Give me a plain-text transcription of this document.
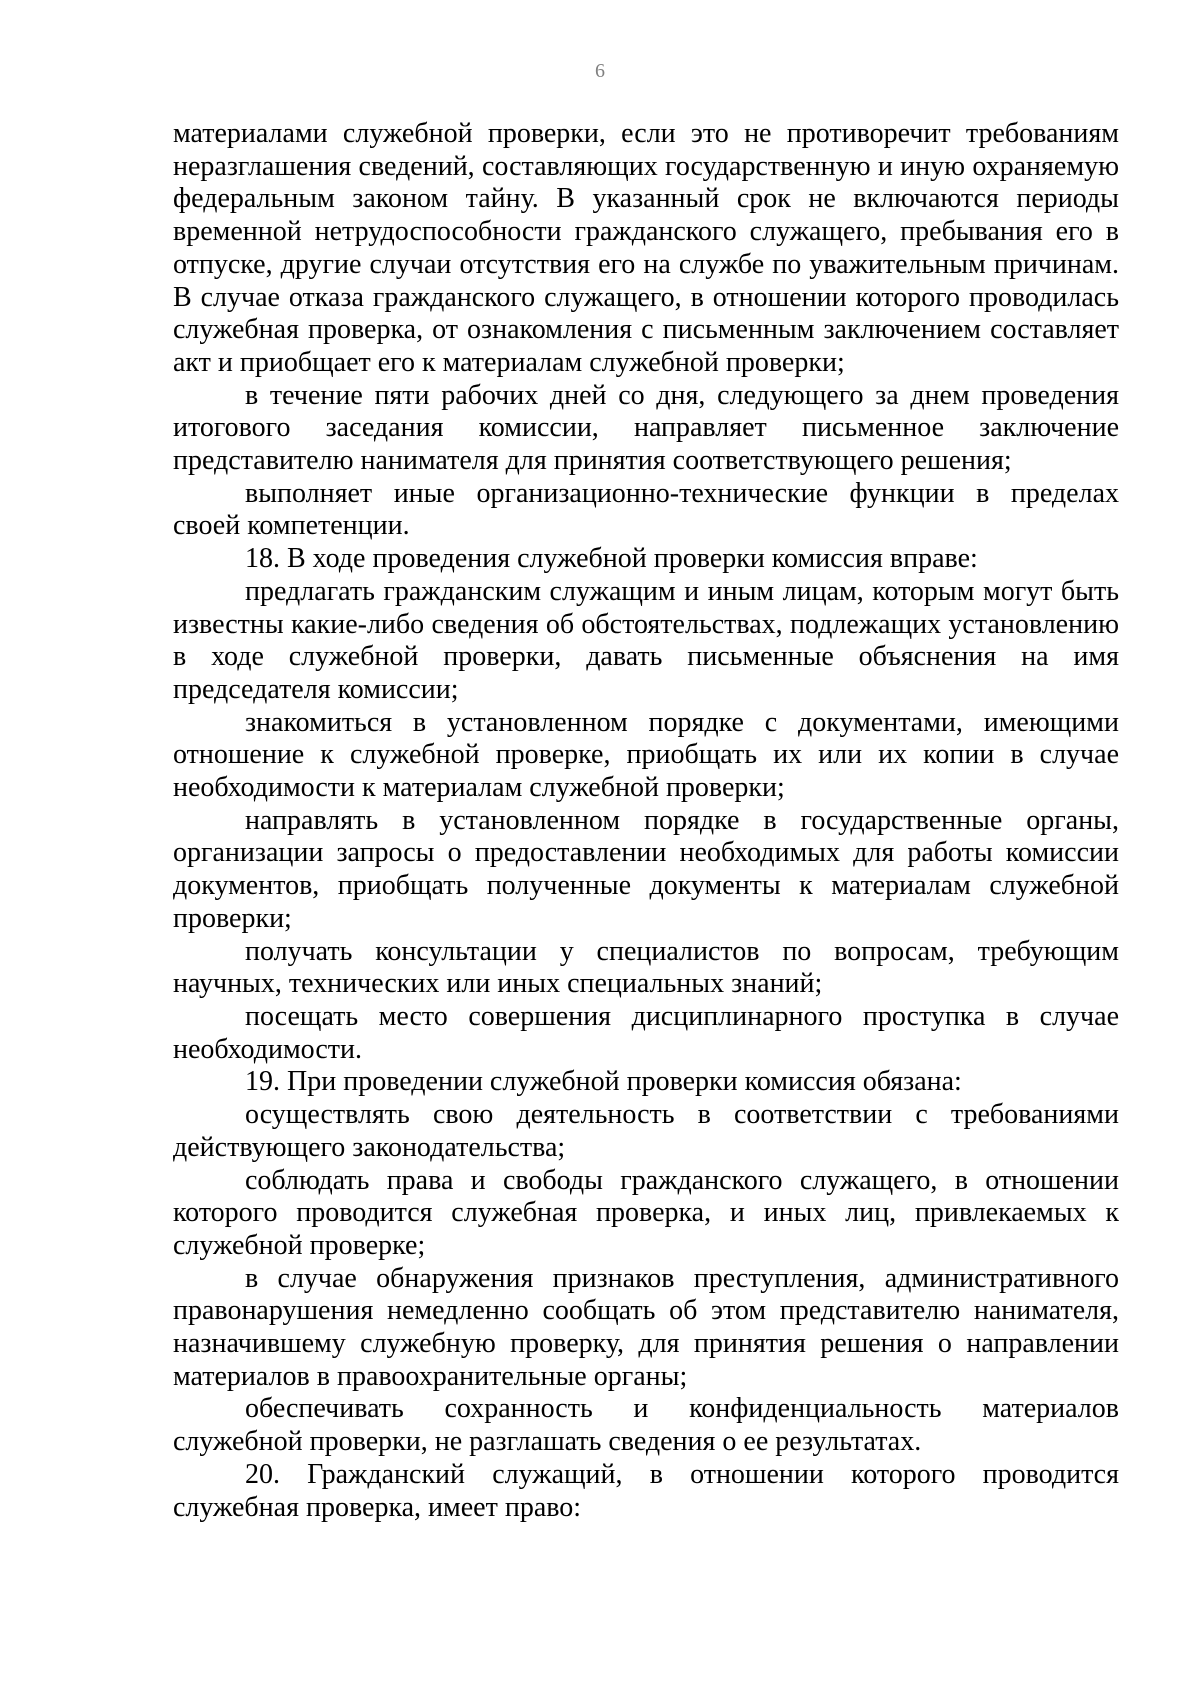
6

материалами служебной проверки, если это не противоречит требованиям неразглашения сведений, составляющих государственную и иную охраняемую федеральным законом тайну. В указанный срок не включаются периоды временной нетрудоспособности гражданского служащего, пребывания его в отпуске, другие случаи отсутствия его на службе по уважительным причинам. В случае отказа гражданского служащего, в отношении которого проводилась служебная проверка, от ознакомления с письменным заключением составляет акт и приобщает его к материалам служебной проверки;

в течение пяти рабочих дней со дня, следующего за днем проведения итогового заседания комиссии, направляет письменное заключение представителю нанимателя для принятия соответствующего решения;

выполняет иные организационно-технические функции в пределах своей компетенции.

18. В ходе проведения служебной проверки комиссия вправе:

предлагать гражданским служащим и иным лицам, которым могут быть известны какие-либо сведения об обстоятельствах, подлежащих установлению в ходе служебной проверки, давать письменные объяснения на имя председателя комиссии;

знакомиться в установленном порядке с документами, имеющими отношение к служебной проверке, приобщать их или их копии в случае необходимости к материалам служебной проверки;

направлять в установленном порядке в государственные органы, организации запросы о предоставлении необходимых для работы комиссии документов, приобщать полученные документы к материалам служебной проверки;

получать консультации у специалистов по вопросам, требующим научных, технических или иных специальных знаний;

посещать место совершения дисциплинарного проступка в случае необходимости.

19. При проведении служебной проверки комиссия обязана:

осуществлять свою деятельность в соответствии с требованиями действующего законодательства;

соблюдать права и свободы гражданского служащего, в отношении которого проводится служебная проверка, и иных лиц, привлекаемых к служебной проверке;

в случае обнаружения признаков преступления, административного правонарушения немедленно сообщать об этом представителю нанимателя, назначившему служебную проверку, для принятия решения о направлении материалов в правоохранительные органы;

обеспечивать сохранность и конфиденциальность материалов служебной проверки, не разглашать сведения о ее результатах.

20. Гражданский служащий, в отношении которого проводится служебная проверка, имеет право:
